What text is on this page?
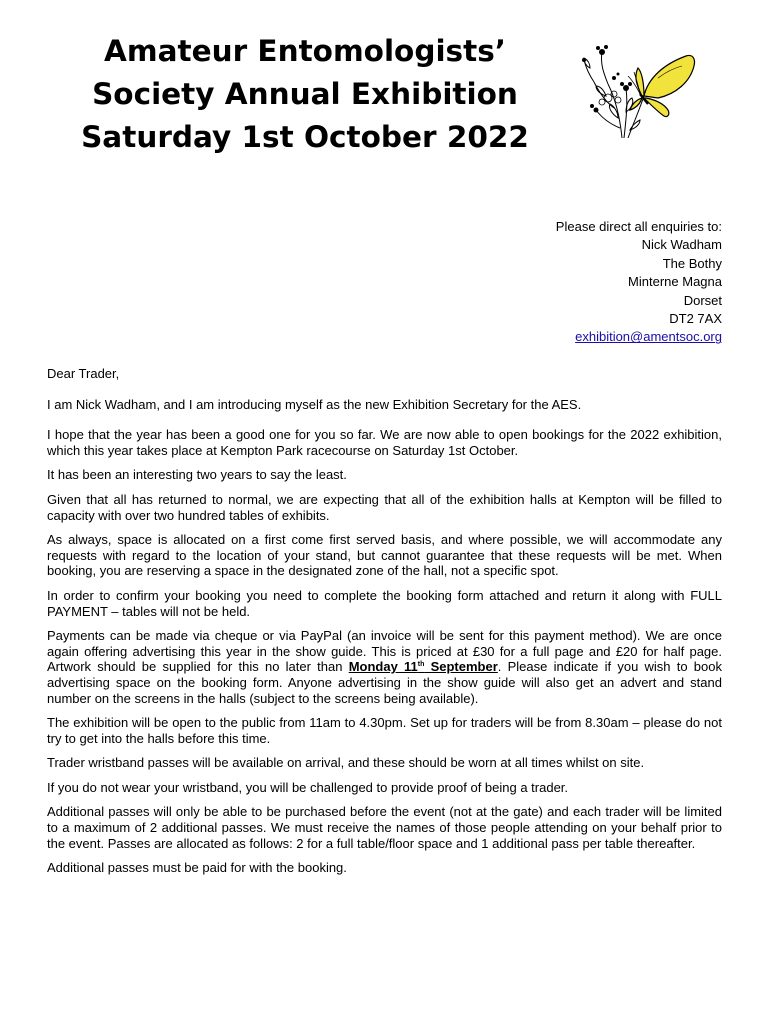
Amateur Entomologists’
Society Annual Exhibition
Saturday 1st October 2022
Please direct all enquiries to:
Nick Wadham
The Bothy
Minterne Magna
Dorset
DT2 7AX
exhibition@amentsoc.org

Dear Trader,

I am Nick Wadham, and I am introducing myself as the new Exhibition Secretary for the AES.

I hope that the year has been a good one for you so far. We are now able to open bookings for the 2022 exhibition, which this year takes place at Kempton Park racecourse on Saturday 1st October.

It has been an interesting two years to say the least.

Given that all has returned to normal, we are expecting that all of the exhibition halls at Kempton will be filled to capacity with over two hundred tables of exhibits.

As always, space is allocated on a first come first served basis, and where possible, we will accommodate any requests with regard to the location of your stand, but cannot guarantee that these requests will be met. When booking, you are reserving a space in the designated zone of the hall, not a specific spot.

In order to confirm your booking you need to complete the booking form attached and return it along with FULL PAYMENT – tables will not be held.

Payments can be made via cheque or via PayPal (an invoice will be sent for this payment method). We are once again offering advertising this year in the show guide. This is priced at £30 for a full page and £20 for half page. Artwork should be supplied for this no later than Monday 11th September. Please indicate if you wish to book advertising space on the booking form. Anyone advertising in the show guide will also get an advert and stand number on the screens in the halls (subject to the screens being available).

The exhibition will be open to the public from 11am to 4.30pm. Set up for traders will be from 8.30am – please do not try to get into the halls before this time.

Trader wristband passes will be available on arrival, and these should be worn at all times whilst on site.

If you do not wear your wristband, you will be challenged to provide proof of being a trader.

Additional passes will only be able to be purchased before the event (not at the gate) and each trader will be limited to a maximum of 2 additional passes. We must receive the names of those people attending on your behalf prior to the event. Passes are allocated as follows: 2 for a full table/floor space and 1 additional pass per table thereafter.

Additional passes must be paid for with the booking.
